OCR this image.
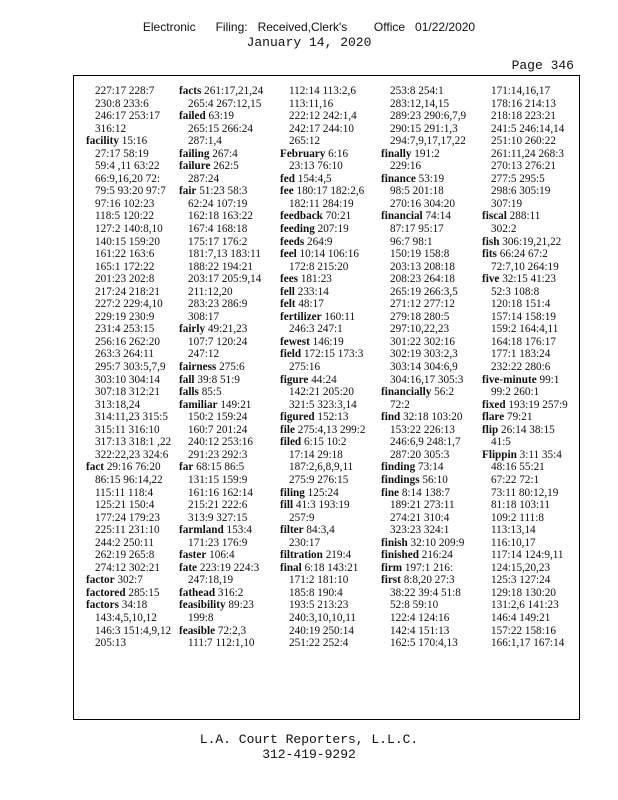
Electronic      Filing:   Received,Clerk's        Office   01/22/2020
January 14, 2020
Page 346
227:17 228:7
230:8 233:6
246:17 253:17
316:12
facility 15:16
27:17 58:19
59:4 ,11 63:22
66:9,16,20 72:
79:5 93:20 97:7
97:16 102:23
118:5 120:22
127:2 140:8,10
140:15 159:20
161:22 163:6
165:1 172:22
201:23 202:8
217:24 218:21
227:2 229:4,10
229:19 230:9
231:4 253:15
256:16 262:20
263:3 264:11
295:7 303:5,7,9
303:10 304:14
307:18 312:21
313:18,24
314:11,23 315:5
315:11 316:10
317:13 318:1 ,22
322:22,23 324:6
fact 29:16 76:20
86:15 96:14,22
115:11 118:4
125:21 150:4
177:24 179:23
225:11 231:10
244:2 250:11
262:19 265:8
274:12 302:21
factor 302:7
factored 285:15
factors 34:18
143:4,5,10,12
146:3 151:4,9,12
205:13
facts 261:17,21,24
265:4 267:12,15
failed 63:19
265:15 266:24
287:1,4
failing 267:4
failure 262:5
287:24
fair 51:23 58:3
62:24 107:19
162:18 163:22
167:4 168:18
175:17 176:2
181:7,13 183:11
188:22 194:21
203:17 205:9,14
211:12,20
283:23 286:9
308:17
fairly 49:21,23
107:7 120:24
247:12
fairness 275:6
fall 39:8 51:9
falls 85:5
familiar 149:21
150:2 159:24
160:7 201:24
240:12 253:16
291:23 292:3
far 68:15 86:5
131:15 159:9
161:16 162:14
215:21 222:6
313:9 327:15
farmland 153:4
171:23 176:9
faster 106:4
fate 223:19 224:3
247:18,19
fathead 316:2
feasibility 89:23
199:8
feasible 72:2,3
111:7 112:1,10
112:14 113:2,6
113:11,16
222:12 242:1,4
242:17 244:10
265:12
February 6:16
23:13 76:10
fed 154:4,5
fee 180:17 182:2,6
182:11 284:19
feedback 70:21
feeding 207:19
feeds 264:9
feel 10:14 106:16
172:8 215:20
fees 181:23
fell 233:14
felt 48:17
fertilizer 160:11
246:3 247:1
fewest 146:19
field 172:15 173:3
275:16
figure 44:24
142:21 205:20
321:5 323:3,14
figured 152:13
file 275:4,13 299:2
filed 6:15 10:2
17:14 29:18
187:2,6,8,9,11
275:9 276:15
filing 125:24
fill 41:3 193:19
257:9
filter 84:3,4
230:17
filtration 219:4
final 6:18 143:21
171:2 181:10
185:8 190:4
193:5 213:23
240:3,10,10,11
240:19 250:14
251:22 252:4
253:8 254:1
283:12,14,15
289:23 290:6,7,9
290:15 291:1,3
294:7,9,17,17,22
finally 191:2
229:16
finance 53:19
98:5 201:18
270:16 304:20
financial 74:14
87:17 95:17
96:7 98:1
150:19 158:8
203:13 208:18
208:23 264:18
265:19 266:3,5
271:12 277:12
279:18 280:5
297:10,22,23
301:22 302:16
302:19 303:2,3
303:14 304:6,9
304:16,17 305:3
financially 56:2
72:2
find 32:18 103:20
153:22 226:13
246:6,9 248:1,7
287:20 305:3
finding 73:14
findings 56:10
fine 8:14 138:7
189:21 273:11
274:21 310:4
323:23 324:1
finish 32:10 209:9
finished 216:24
firm 197:1 216:
first 8:8,20 27:3
38:22 39:4 51:8
52:8 59:10
122:4 124:16
142:4 151:13
162:5 170:4,13
171:14,16,17
178:16 214:13
218:18 223:21
241:5 246:14,14
251:10 260:22
261:11,24 268:3
270:13 276:21
277:5 295:5
298:6 305:19
307:19
fiscal 288:11
302:2
fish 306:19,21,22
fits 66:24 67:2
72:7,10 264:19
five 32:15 41:23
52:3 108:8
120:18 151:4
157:14 158:19
159:2 164:4,11
164:18 176:17
177:1 183:24
232:22 280:6
five-minute 99:1
99:2 260:1
fixed 193:19 257:9
flare 79:21
flip 26:14 38:15
41:5
Flippin 3:11 35:4
48:16 55:21
67:22 72:1
73:11 80:12,19
81:18 103:11
109:2 111:8
113:13,14
116:10,17
117:14 124:9,11
124:15,20,23
125:3 127:24
129:18 130:20
131:2,6 141:23
146:4 149:21
157:22 158:16
166:1,17 167:14
L.A. Court Reporters, L.L.C.
312-419-9292
